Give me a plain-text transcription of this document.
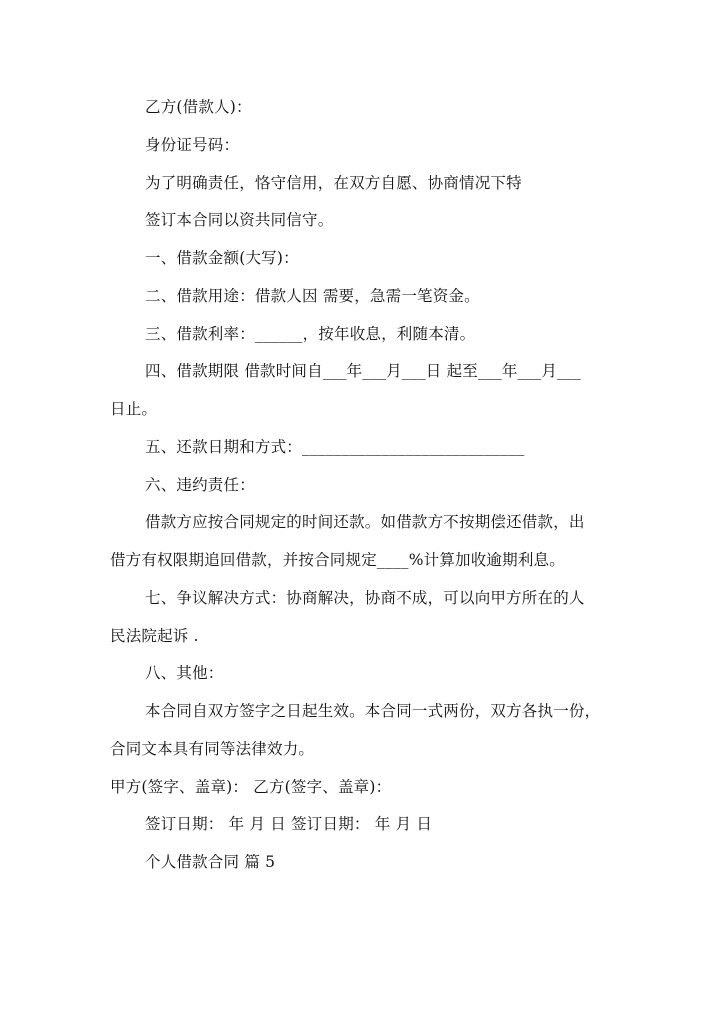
乙方(借款人)：
身份证号码：
为了明确责任，恪守信用，在双方自愿、协商情况下特
签订本合同以资共同信守。
一、借款金额(大写)：
二、借款用途：借款人因 需要，急需一笔资金。
三、借款利率：______，按年收息，利随本清。
四、借款期限 借款时间自___年___月___日 起至___年___月___
日止。
五、还款日期和方式：____________________________
六、违约责任：
借款方应按合同规定的时间还款。如借款方不按期偿还借款，出
借方有权限期追回借款，并按合同规定____%计算加收逾期利息。
七、争议解决方式：协商解决，协商不成，可以向甲方所在的人
民法院起诉 .
八、其他：
本合同自双方签字之日起生效。本合同一式两份，双方各执一份，
合同文本具有同等法律效力。
甲方(签字、盖章)： 乙方(签字、盖章)：
签订日期： 年 月 日 签订日期： 年 月 日
个人借款合同 篇 5
